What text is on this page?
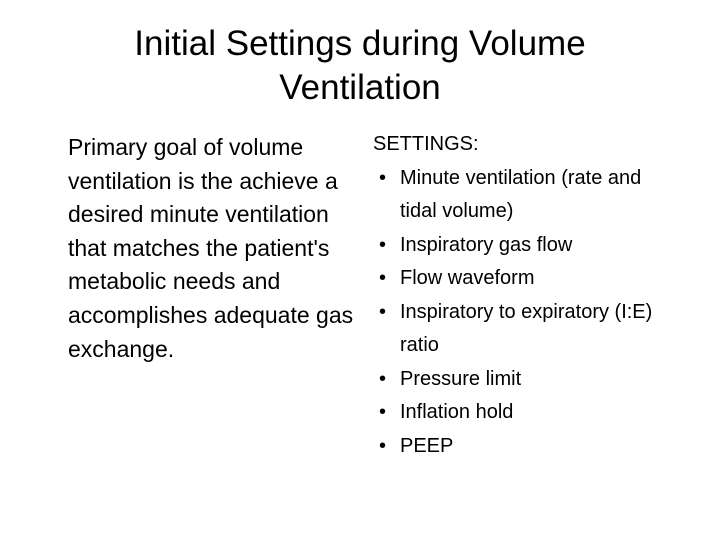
Initial Settings during Volume Ventilation

Primary goal of volume ventilation is the achieve a desired minute ventilation that matches the patient's metabolic needs and accomplishes adequate gas exchange.

SETTINGS:

• Minute ventilation (rate and tidal volume)
• Inspiratory gas flow
• Flow waveform
• Inspiratory to expiratory (I:E) ratio
• Pressure limit
• Inflation hold
• PEEP
